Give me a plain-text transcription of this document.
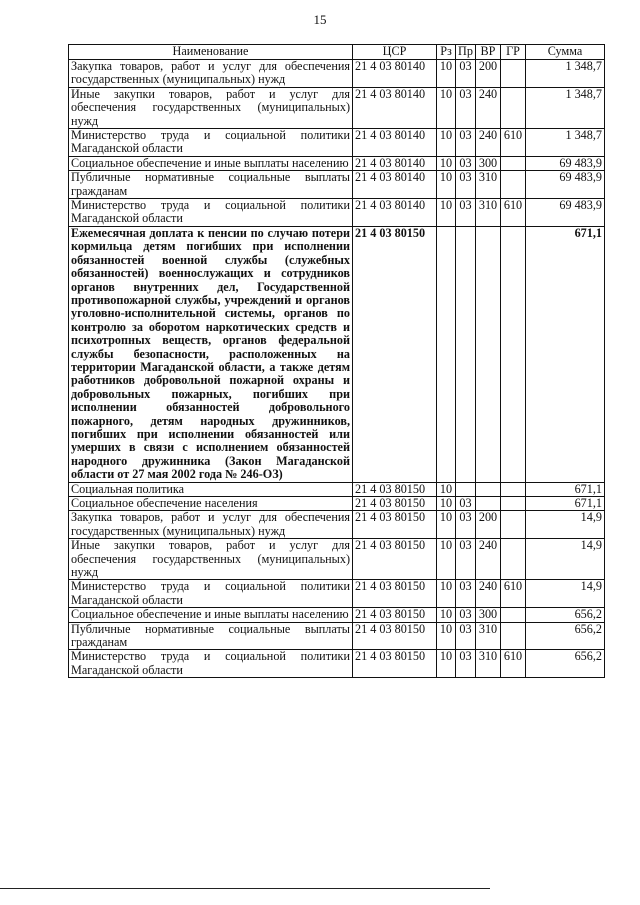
15
Наименование	ЦСР	Рз	Пр	ВР	ГР	Сумма
Закупка товаров, работ и услуг для обеспечения государственных (муниципальных) нужд	21 4 03 80140	10	03	200		1 348,7
Иные закупки товаров, работ и услуг для обеспечения государственных (муниципальных) нужд	21 4 03 80140	10	03	240		1 348,7
Министерство труда и социальной политики Магаданской области	21 4 03 80140	10	03	240	610	1 348,7
Социальное обеспечение и иные выплаты населению	21 4 03 80140	10	03	300		69 483,9
Публичные нормативные социальные выплаты гражданам	21 4 03 80140	10	03	310		69 483,9
Министерство труда и социальной политики Магаданской области	21 4 03 80140	10	03	310	610	69 483,9
Ежемесячная доплата к пенсии по случаю потери кормильца детям погибших при исполнении обязанностей военной службы (служебных обязанностей) военнослужащих и сотрудников органов внутренних дел, Государственной противопожарной службы, учреждений и органов уголовно-исполнительной системы, органов по контролю за оборотом наркотических средств и психотропных веществ, органов федеральной службы безопасности, расположенных на территории Магаданской области, а также детям работников добровольной пожарной охраны и добровольных пожарных, погибших при исполнении обязанностей добровольного пожарного, детям народных дружинников, погибших при исполнении обязанностей или умерших в связи с исполнением обязанностей народного дружинника (Закон Магаданской области от 27 мая 2002 года № 246-ОЗ)	21 4 03 80150					671,1
Социальная политика	21 4 03 80150	10				671,1
Социальное обеспечение населения	21 4 03 80150	10	03			671,1
Закупка товаров, работ и услуг для обеспечения государственных (муниципальных) нужд	21 4 03 80150	10	03	200		14,9
Иные закупки товаров, работ и услуг для обеспечения государственных (муниципальных) нужд	21 4 03 80150	10	03	240		14,9
Министерство труда и социальной политики Магаданской области	21 4 03 80150	10	03	240	610	14,9
Социальное обеспечение и иные выплаты населению	21 4 03 80150	10	03	300		656,2
Публичные нормативные социальные выплаты гражданам	21 4 03 80150	10	03	310		656,2
Министерство труда и социальной политики Магаданской области	21 4 03 80150	10	03	310	610	656,2
